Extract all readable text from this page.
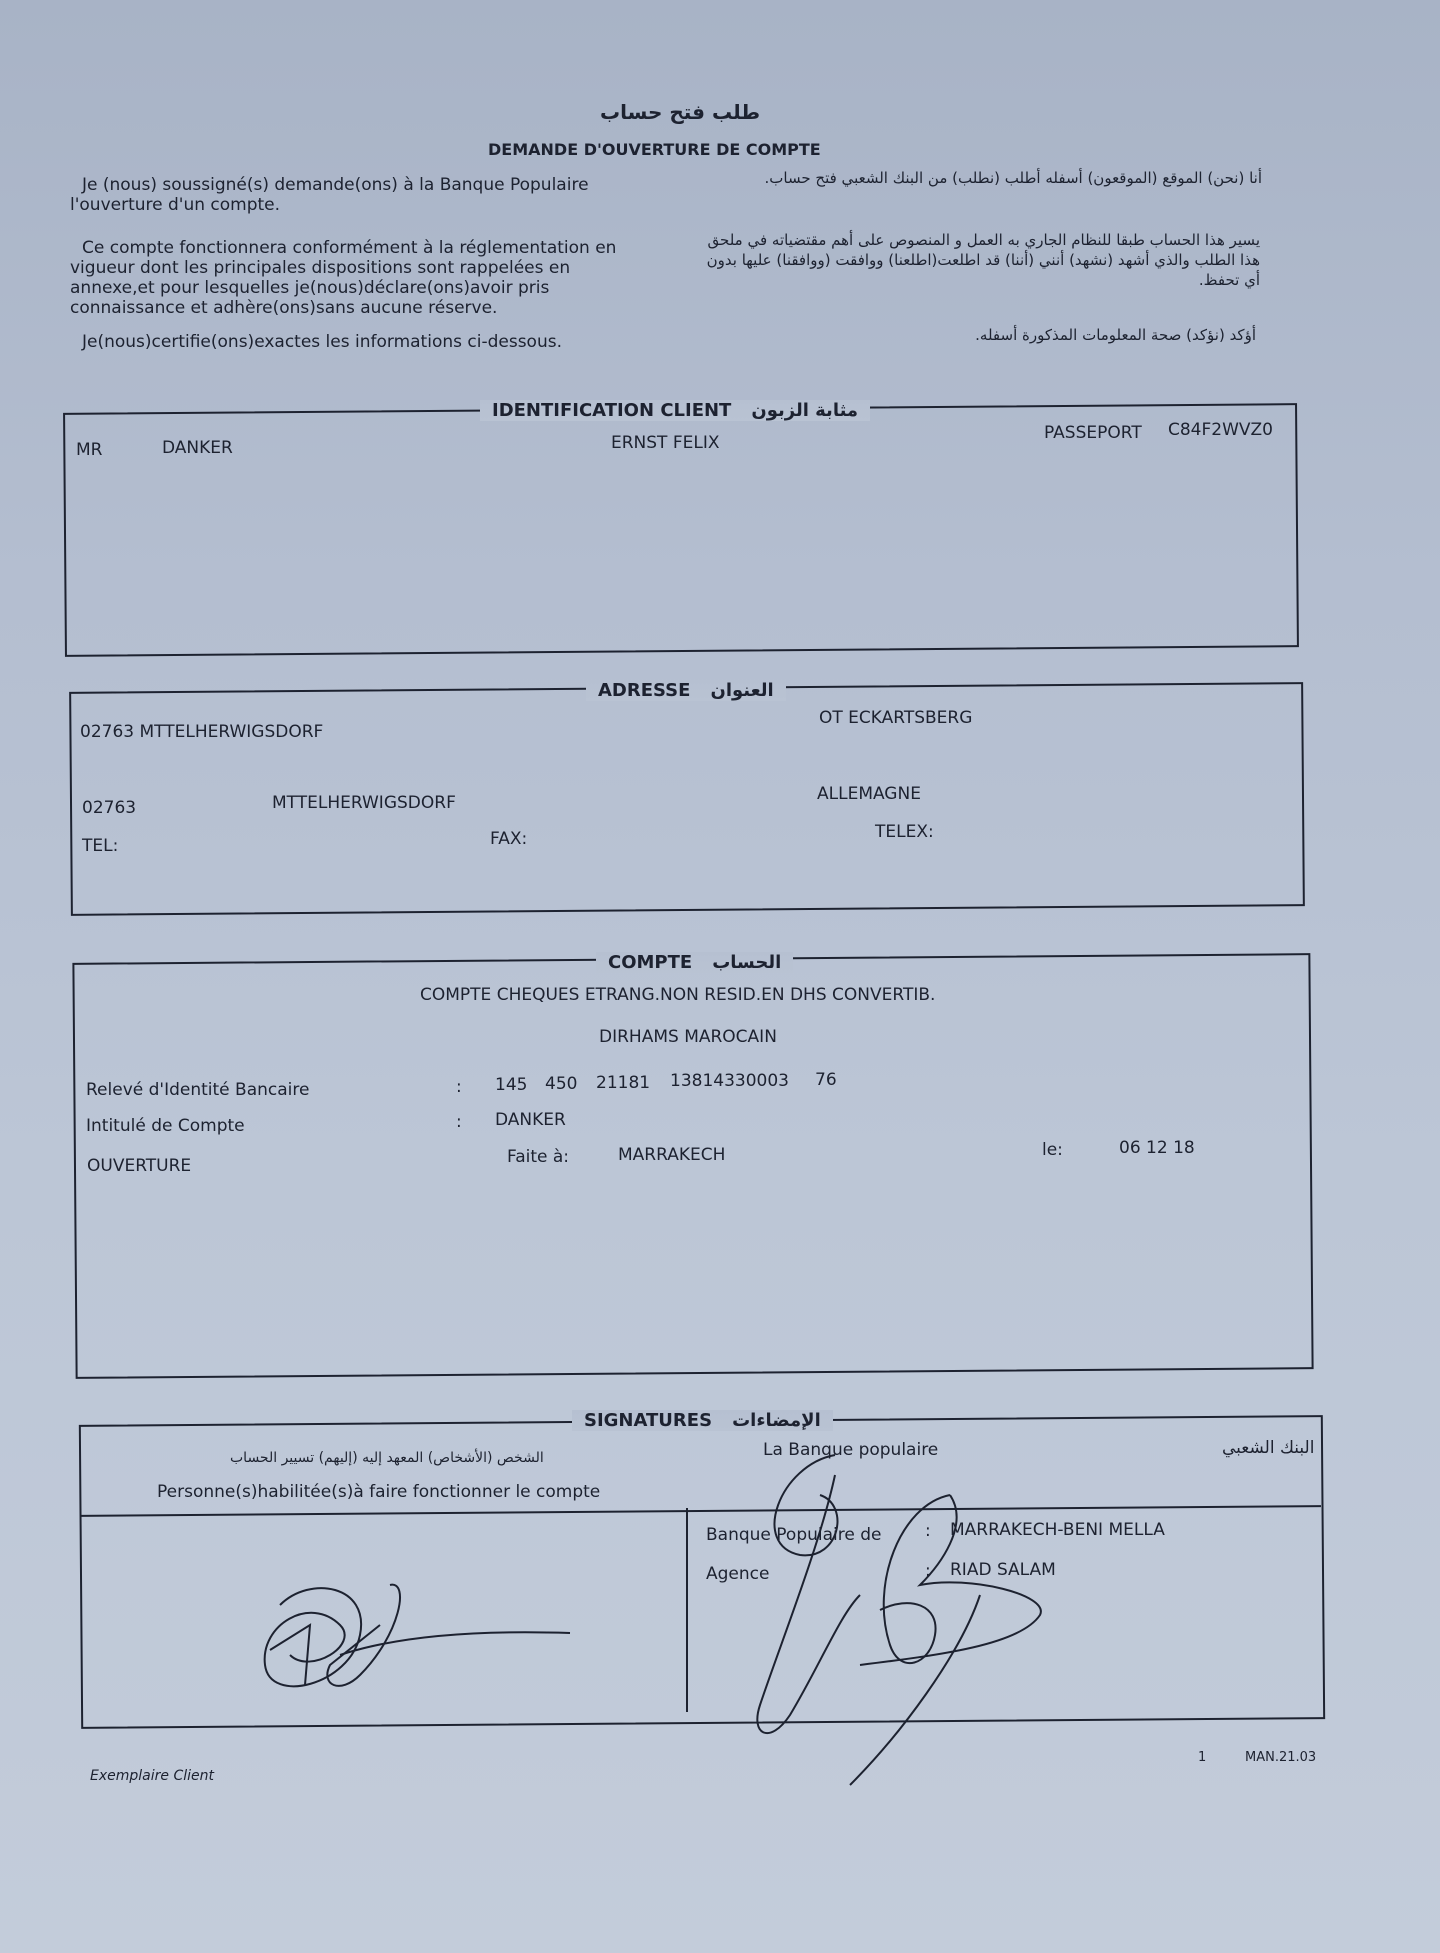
طلب فتح حساب
DEMANDE D'OUVERTURE DE COMPTE
Je (nous) soussigné(s) demande(ons) à la Banque Populaire l'ouverture d'un compte.
Ce compte fonctionnera conformément à la réglementation en vigueur dont les principales dispositions sont rappelées en annexe,et pour lesquelles je(nous)déclare(ons)avoir pris connaissance et adhère(ons)sans aucune réserve.
Je(nous)certifie(ons)exactes les informations ci-dessous.
أنا (نحن) الموقع (الموقعون) أسفله أطلب (نطلب) من البنك الشعبي فتح حساب.
يسير هذا الحساب طبقا للنظام الجاري به العمل و المنصوص على أهم مقتضياته في ملحق هذا الطلب والذي أشهد (نشهد) أنني (أننا) قد اطلعت(اطلعنا) ووافقت (ووافقنا) عليها بدون أي تحفظ.
أؤكد (نؤكد) صحة المعلومات المذكورة أسفله.
IDENTIFICATION CLIENT مثابة الزبون
MR	DANKER	ERNST FELIX	PASSEPORT C84F2WVZ0
ADRESSE العنوان
02763 MTTELHERWIGSDORF
OT ECKARTSBERG
02763	MTTELHERWIGSDORF	ALLEMAGNE
TEL:	FAX:	TELEX:
COMPTE الحساب
COMPTE CHEQUES ETRANG.NON RESID.EN DHS CONVERTIB.
DIRHAMS MAROCAIN
Relevé d'Identité Bancaire	: 145 450 21181 13814330003 76
Intitulé de Compte	: DANKER
OUVERTURE	Faite à:	MARRAKECH	le:	06 12 18
SIGNATURES الإمضاءات
الشخص (الأشخاص) المعهد إليه (إليهم) تسيير الحساب
Personne(s)habilitée(s)à faire fonctionner le compte
La Banque populaire	البنك الشعبي
Banque Populaire de	: MARRAKECH-BENI MELLA
Agence	: RIAD SALAM
Exemplaire Client
1	MAN.21.03
